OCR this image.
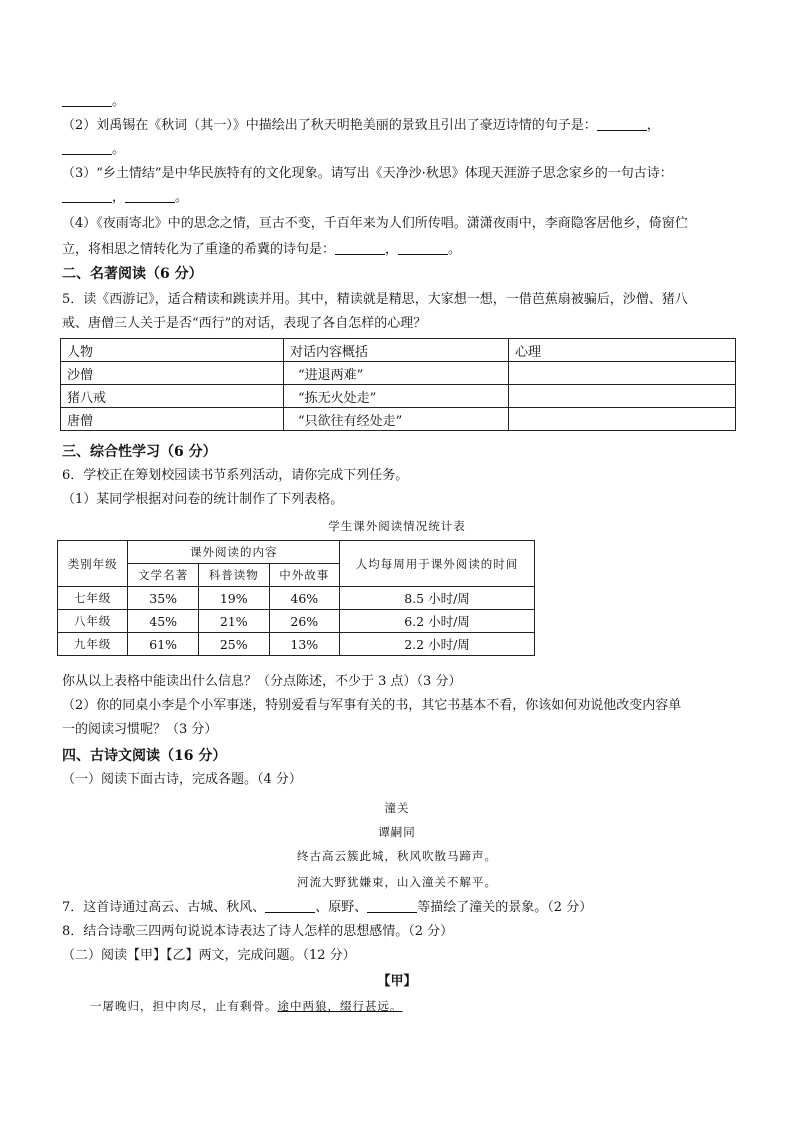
。
（2）刘禹锡在《秋词（其一）》中描绘出了秋天明艳美丽的景致且引出了豪迈诗情的句子是：	，
。
（3）“乡土情结”是中华民族特有的文化现象。请写出《天净沙·秋思》体现天涯游子思念家乡的一句古诗：
，	。
（4）《夜雨寄北》中的思念之情，亘古不变，千百年来为人们所传唱。潇潇夜雨中，李商隐客居他乡，倚窗伫
立，将相思之情转化为了重逢的希冀的诗句是：	，	。
二、名著阅读（6 分）
5．读《西游记》，适合精读和跳读并用。其中，精读就是精思，大家想一想，一借芭蕉扇被骗后，沙僧、猪八
戒、唐僧三人关于是否“西行”的对话，表现了各自怎样的心理？
人物	对话内容概括	心理
沙僧	“进退两难”	
猪八戒	“拣无火处走”	
唐僧	“只欲往有经处走”	
三、综合性学习（6 分）
6．学校正在筹划校园读书节系列活动，请你完成下列任务。
（1）某同学根据对问卷的统计制作了下列表格。
学生课外阅读情况统计表
类别年级	课外阅读的内容			人均每周用于课外阅读的时间
	文学名著	科普读物	中外故事	
七年级	35%	19%	46%	8.5 小时/周
八年级	45%	21%	26%	6.2 小时/周
九年级	61%	25%	13%	2.2 小时/周
你从以上表格中能读出什么信息？（分点陈述，不少于 3 点）（3 分）
（2）你的同桌小李是个小军事迷，特别爱看与军事有关的书，其它书基本不看，你该如何劝说他改变内容单
一的阅读习惯呢？（3 分）
四、古诗文阅读（16 分）
（一）阅读下面古诗，完成各题。（4 分）
潼关
谭嗣同
终古高云簇此城，秋风吹散马蹄声。
河流大野犹嫌束，山入潼关不解平。
7．这首诗通过高云、古城、秋风、	、原野、	等描绘了潼关的景象。（2 分）
8．结合诗歌三四两句说说本诗表达了诗人怎样的思想感情。（2 分）
（二）阅读【甲】【乙】两文，完成问题。（12 分）
【甲】
一屠晚归，担中肉尽，止有剩骨。途中两狼，缀行甚远。
